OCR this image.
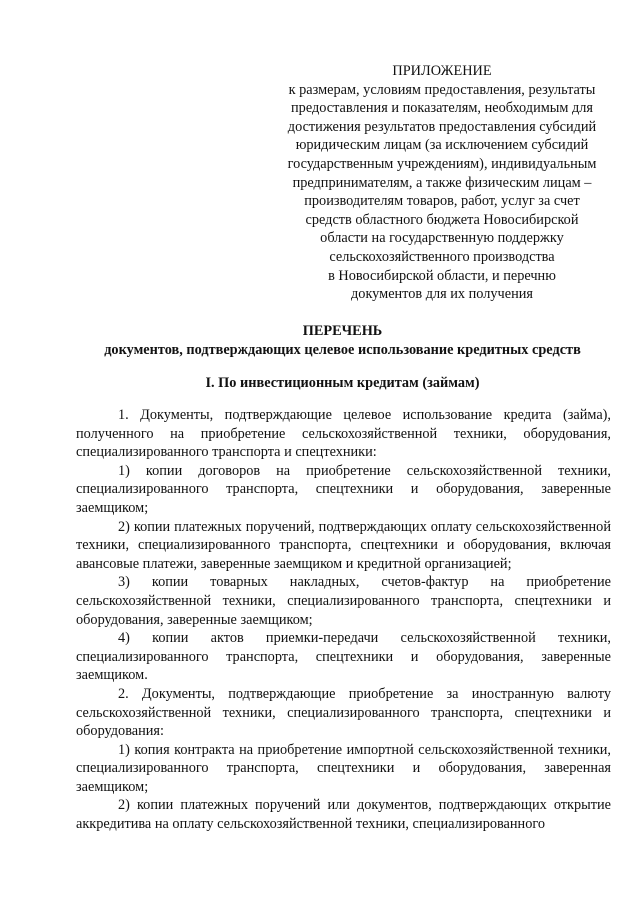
ПРИЛОЖЕНИЕ
к размерам, условиям предоставления, результаты
предоставления и показателям, необходимым для
достижения результатов предоставления субсидий
юридическим лицам (за исключением субсидий
государственным учреждениям), индивидуальным
предпринимателям, а также физическим лицам –
производителям товаров, работ, услуг за счет
средств областного бюджета Новосибирской
области на государственную поддержку
сельскохозяйственного производства
в Новосибирской области, и перечню
документов для их получения
ПЕРЕЧЕНЬ
документов, подтверждающих целевое использование кредитных средств
I. По инвестиционным кредитам (займам)

1. Документы, подтверждающие целевое использование кредита (займа), полученного на приобретение сельскохозяйственной техники, оборудования, специализированного транспорта и спецтехники:

1) копии договоров на приобретение сельскохозяйственной техники, специализированного транспорта, спецтехники и оборудования, заверенные заемщиком;

2) копии платежных поручений, подтверждающих оплату сельскохозяйственной техники, специализированного транспорта, спецтехники и оборудования, включая авансовые платежи, заверенные заемщиком и кредитной организацией;

3) копии товарных накладных, счетов-фактур на приобретение сельскохозяйственной техники, специализированного транспорта, спецтехники и оборудования, заверенные заемщиком;

4) копии актов приемки-передачи сельскохозяйственной техники, специализированного транспорта, спецтехники и оборудования, заверенные заемщиком.

2. Документы, подтверждающие приобретение за иностранную валюту сельскохозяйственной техники, специализированного транспорта, спецтехники и оборудования:

1) копия контракта на приобретение импортной сельскохозяйственной техники, специализированного транспорта, спецтехники и оборудования, заверенная заемщиком;

2) копии платежных поручений или документов, подтверждающих открытие аккредитива на оплату сельскохозяйственной техники, специализированного
